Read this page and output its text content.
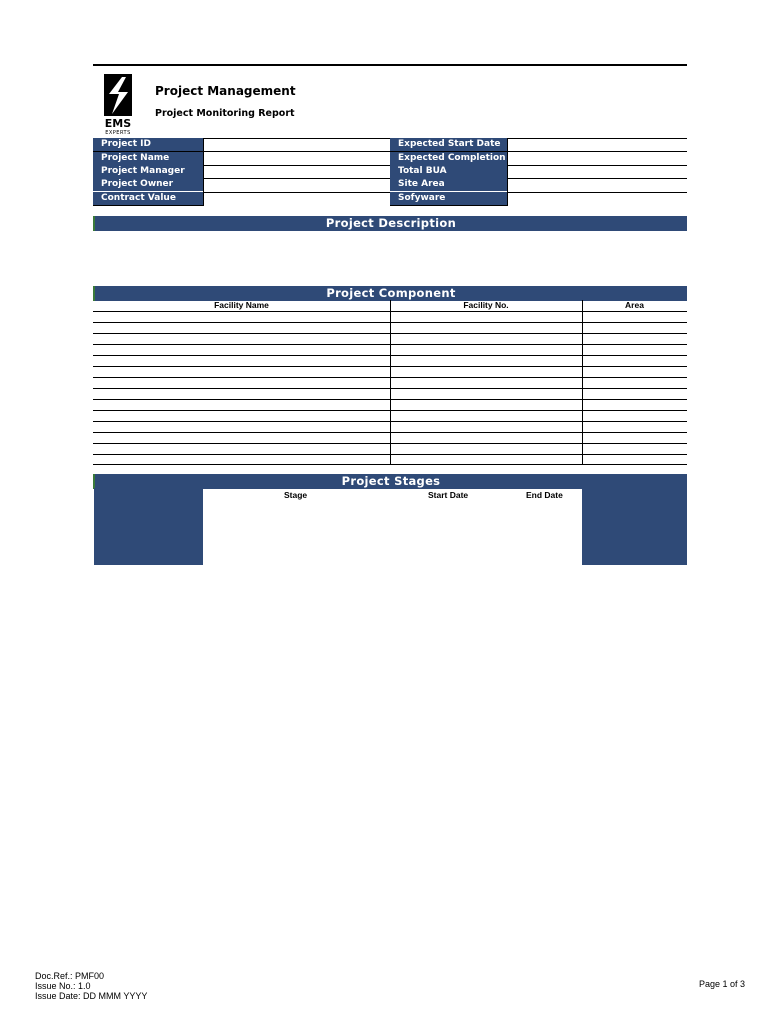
EMS
EXPERTS
Project Management
Project Monitoring Report
Project ID	Expected Start Date
Project Name	Expected Completion
Project Manager	Total BUA
Project Owner	Site Area
Contract Value	Sofyware
Project Description
Project Component
Facility Name	Facility No.	Area
Project Stages
Stage	Start Date	End Date
Doc.Ref.: PMF00
Issue No.: 1.0
Issue Date: DD MMM YYYY
Page 1 of 3
